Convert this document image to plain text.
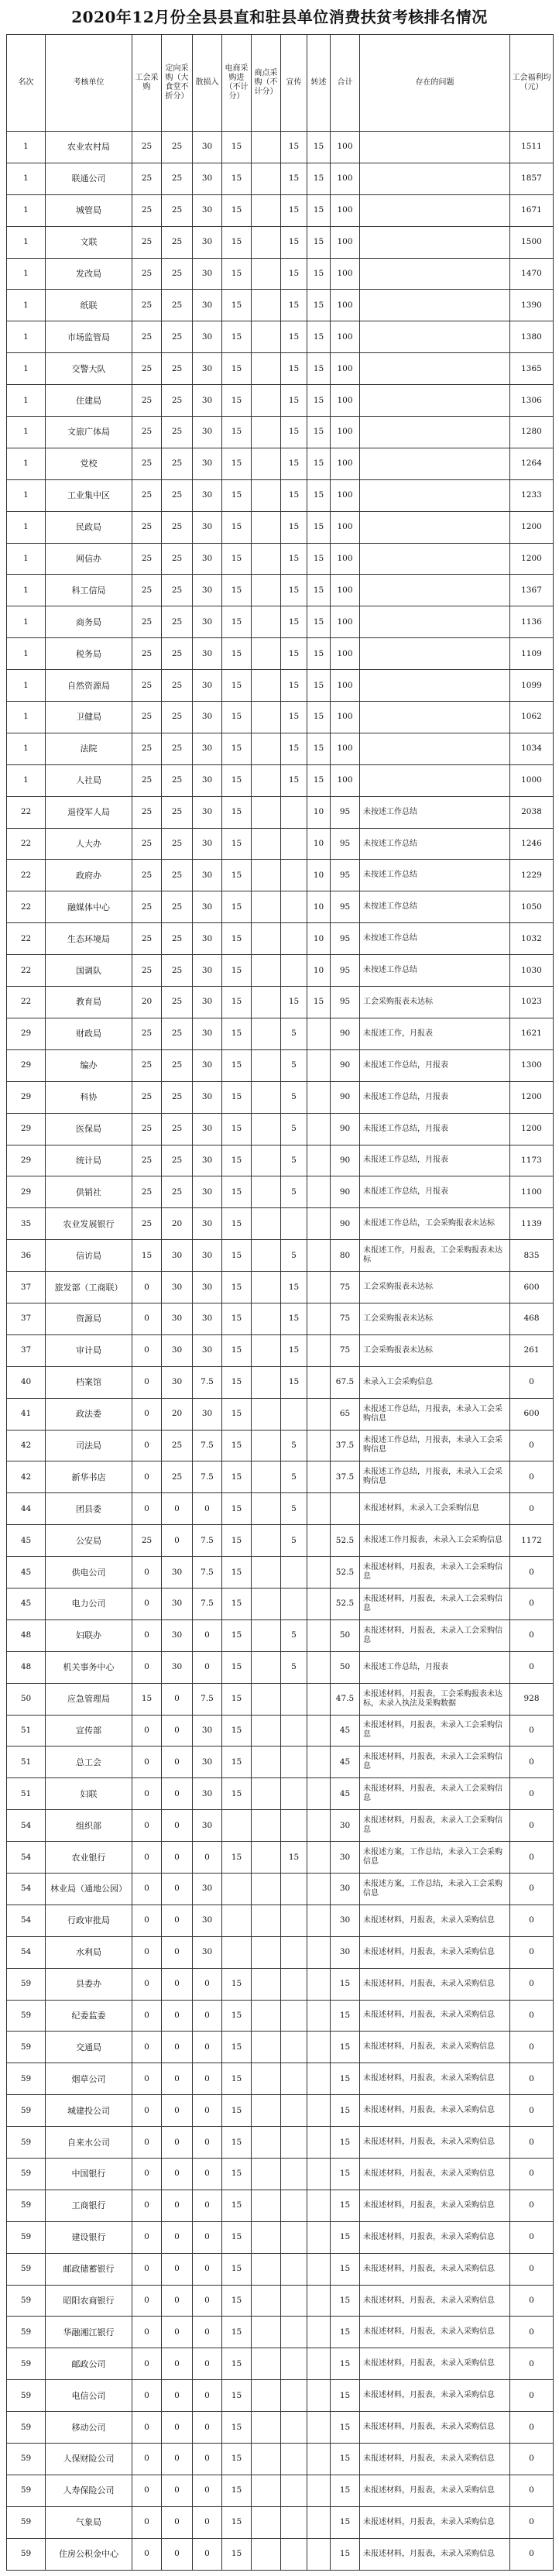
2020年12月份全县县直和驻县单位消费扶贫考核排名情况
名次	考核单位	工会采购	定向采购（大食堂不折分）	散损入	电商采购进（不计分）	商点采购（不计分）	宣传	转述	合计	存在的问题	工会福利均（元）
1	农业农村局	25	25	30	15		15	15	100		1511
1	联通公司	25	25	30	15		15	15	100		1857
1	城管局	25	25	30	15		15	15	100		1671
1	文联	25	25	30	15		15	15	100		1500
1	发改局	25	25	30	15		15	15	100		1470
1	纸联	25	25	30	15		15	15	100		1390
1	市场监管局	25	25	30	15		15	15	100		1380
1	交警大队	25	25	30	15		15	15	100		1365
1	住建局	25	25	30	15		15	15	100		1306
1	文旅广体局	25	25	30	15		15	15	100		1280
1	党校	25	25	30	15		15	15	100		1264
1	工业集中区	25	25	30	15		15	15	100		1233
1	民政局	25	25	30	15		15	15	100		1200
1	网信办	25	25	30	15		15	15	100		1200
1	科工信局	25	25	30	15		15	15	100		1367
1	商务局	25	25	30	15		15	15	100		1136
1	税务局	25	25	30	15		15	15	100		1109
1	自然资源局	25	25	30	15		15	15	100		1099
1	卫健局	25	25	30	15		15	15	100		1062
1	法院	25	25	30	15		15	15	100		1034
1	人社局	25	25	30	15		15	15	100		1000
22	退役军人局	25	25	30	15			10	95	未按述工作总结	2038
22	人大办	25	25	30	15			10	95	未按述工作总结	1246
22	政府办	25	25	30	15			10	95	未按述工作总结	1229
22	融媒体中心	25	25	30	15			10	95	未按述工作总结	1050
22	生态环境局	25	25	30	15			10	95	未按述工作总结	1032
22	国调队	25	25	30	15			10	95	未按述工作总结	1030
22	教育局	20	25	30	15		15	15	95	工会采购报表未达标	1023
29	财政局	25	25	30	15		5		90	未报述工作，月报表	1621
29	编办	25	25	30	15		5		90	未报述工作总结，月报表	1300
29	科协	25	25	30	15		5		90	未报述工作总结，月报表	1200
29	医保局	25	25	30	15		5		90	未报述工作总结，月报表	1200
29	统计局	25	25	30	15		5		90	未报述工作总结，月报表	1173
29	供销社	25	25	30	15		5		90	未报述工作总结，月报表	1100
35	农业发展银行	25	20	30	15				90	未报述工作总结，工会采购报表未达标	1139
36	信访局	15	30	30	15		5		80	未报述工作，月报表，工会采购报表未达标	835
37	旅发部（工商联）	0	30	30	15		15		75	工会采购报表未达标	600
37	资源局	0	30	30	15		15		75	工会采购报表未达标	468
37	审计局	0	30	30	15		15		75	工会采购报表未达标	261
40	档案馆	0	30	7.5	15		15		67.5	未录入工会采购信息	0
41	政法委	0	20	30	15				65	未报述工作总结，月报表，未录入工会采购信息	600
42	司法局	0	25	7.5	15		5		37.5	未报述工作总结，月报表，未录入工会采购信息	0
42	新华书店	0	25	7.5	15		5		37.5	未报述工作总结，月报表，未录入工会采购信息	0
44	团县委	0	0	0	15		5			未报述材料，未录入工会采购信息	0
45	公安局	25	0	7.5	15		5		52.5	未报述工作月报表，未录入工会采购信息	1172
45	供电公司	0	30	7.5	15				52.5	未报述材料，月报表，未录入工会采购信息	0
45	电力公司	0	30	7.5	15				52.5	未报述材料，月报表，未录入工会采购信息	0
48	妇联办	0	30	0	15		5		50	未报述材料，月报表，未录入工会采购信息	0
48	机关事务中心	0	30	0	15		5		50	未报述工作总结，月报表	0
50	应急管理局	15	0	7.5	15				47.5	未报述材料，月报表，工会采购报表未达标，未录入执法及采购数据	928
51	宣传部	0	0	30	15				45	未报述材料，月报表，未录入工会采购信息	0
51	总工会	0	0	30	15				45	未报述材料，月报表，未录入工会采购信息	0
51	妇联	0	0	30	15				45	未报述材料，月报表，未录入工会采购信息	0
54	组织部	0	0	30					30	未报述材料，月报表，未录入工会采购信息	0
54	农业银行	0	0	0	15		15		30	未报述方案，工作总结，未录入工会采购信息	0
54	林业局（通地公园）	0	0	30					30	未报述方案，工作总结，未录入工会采购信息	0
54	行政审批局	0	0	30					30	未报述材料，月报表，未录入采购信息	0
54	水利局	0	0	30					30	未报述材料，月报表，未录入采购信息	0
59	县委办	0	0	0	15				15	未报述材料，月报表，未录入采购信息	0
59	纪委监委	0	0	0	15				15	未报述材料，月报表，未录入采购信息	0
59	交通局	0	0	0	15				15	未报述材料，月报表，未录入采购信息	0
59	烟草公司	0	0	0	15				15	未报述材料，月报表，未录入采购信息	0
59	城建投公司	0	0	0	15				15	未报述材料，月报表，未录入采购信息	0
59	自来水公司	0	0	0	15				15	未报述材料，月报表，未录入采购信息	0
59	中国银行	0	0	0	15				15	未报述材料，月报表，未录入采购信息	0
59	工商银行	0	0	0	15				15	未报述材料，月报表，未录入采购信息	0
59	建设银行	0	0	0	15				15	未报述材料，月报表，未录入采购信息	0
59	邮政储蓄银行	0	0	0	15				15	未报述材料，月报表，未录入采购信息	0
59	昭阳农商银行	0	0	0	15				15	未报述材料，月报表，未录入采购信息	0
59	华融湘江银行	0	0	0	15				15	未报述材料，月报表，未录入采购信息	0
59	邮政公司	0	0	0	15				15	未报述材料，月报表，未录入采购信息	0
59	电信公司	0	0	0	15				15	未报述材料，月报表，未录入采购信息	0
59	移动公司	0	0	0	15				15	未报述材料，月报表，未录入采购信息	0
59	人保财险公司	0	0	0	15				15	未报述材料，月报表，未录入采购信息	0
59	人寿保险公司	0	0	0	15				15	未报述材料，月报表，未录入采购信息	0
59	气象局	0	0	0	15				15	未报述材料，月报表，未录入采购信息	0
59	住房公积金中心	0	0	0	15				15	未报述材料，月报表，未录入采购信息	0
